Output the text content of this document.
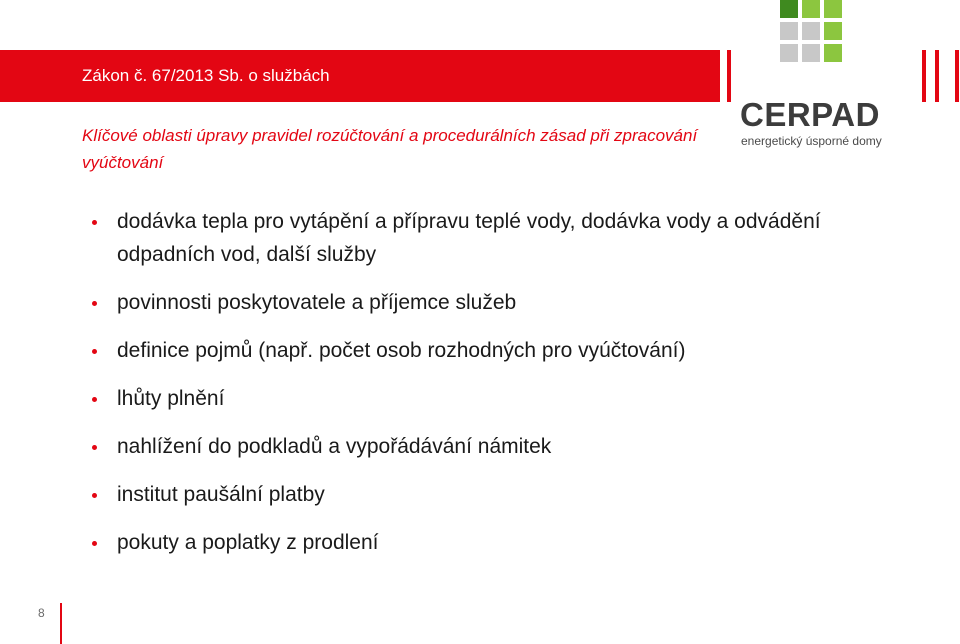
Zákon č. 67/2013 Sb. o službách
CERPAD
energetický úsporné domy
Klíčové oblasti úpravy pravidel rozúčtování a procedurálních zásad při zpracování vyúčtování
dodávka tepla pro vytápění a přípravu teplé vody, dodávka vody a odvádění odpadních vod, další služby
povinnosti poskytovatele a příjemce služeb
definice pojmů (např. počet osob rozhodných pro vyúčtování)
lhůty plnění
nahlížení do podkladů a vypořádávání námitek
institut paušální platby
pokuty a poplatky z prodlení
8
